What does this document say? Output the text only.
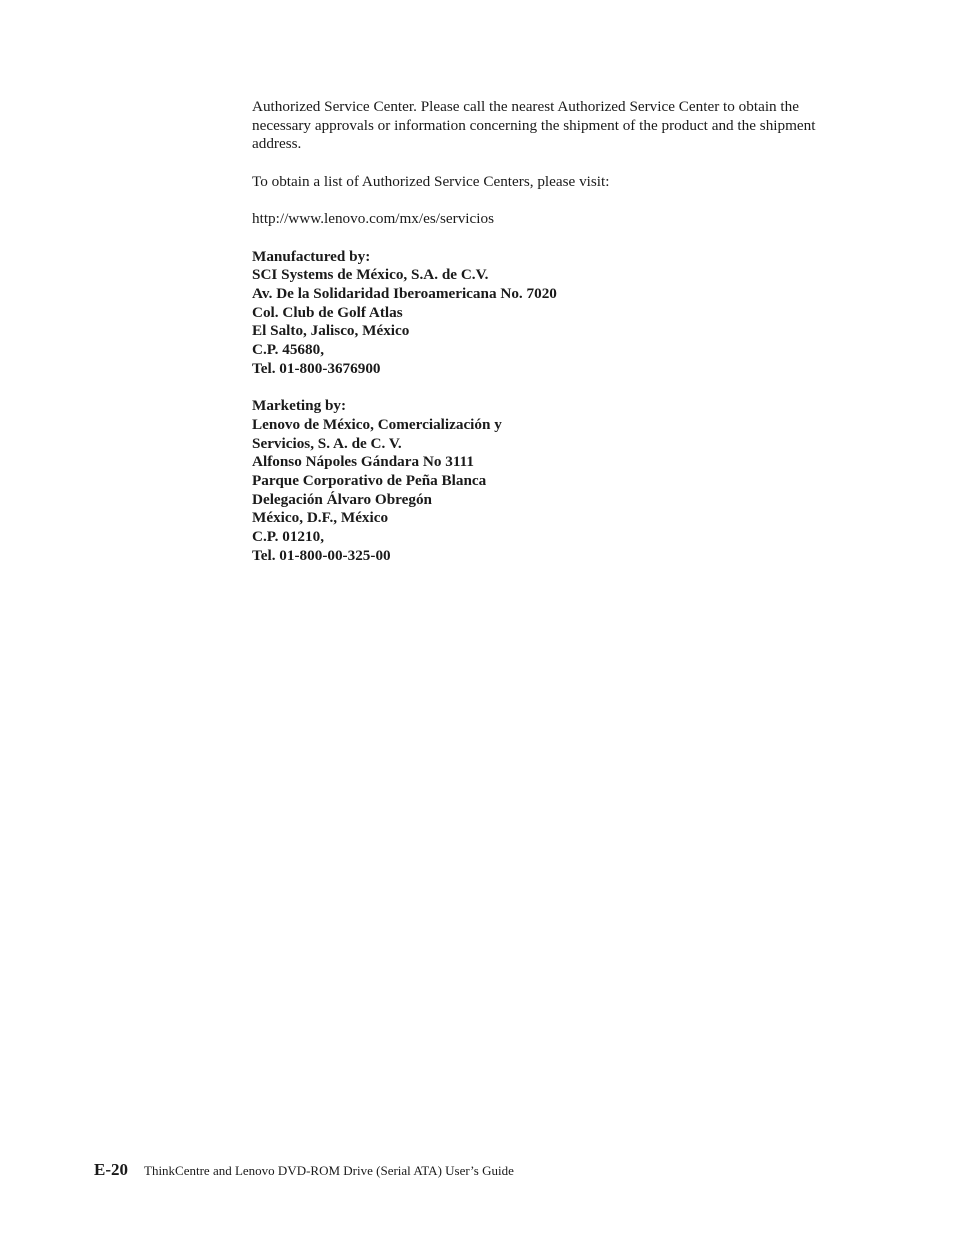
Authorized Service Center. Please call the nearest Authorized Service Center to obtain the necessary approvals or information concerning the shipment of the product and the shipment address.

To obtain a list of Authorized Service Centers, please visit:

http://www.lenovo.com/mx/es/servicios

Manufactured by:

SCI Systems de México, S.A. de C.V.

Av. De la Solidaridad Iberoamericana No. 7020

Col. Club de Golf Atlas

El Salto, Jalisco, México

C.P. 45680,

Tel. 01-800-3676900

Marketing by:

Lenovo de México, Comercialización y

Servicios, S. A. de C. V.

Alfonso Nápoles Gándara No 3111

Parque Corporativo de Peña Blanca

Delegación Álvaro Obregón

México, D.F., México

C.P. 01210,

Tel. 01-800-00-325-00

E-20 ThinkCentre and Lenovo DVD-ROM Drive (Serial ATA) User’s Guide
